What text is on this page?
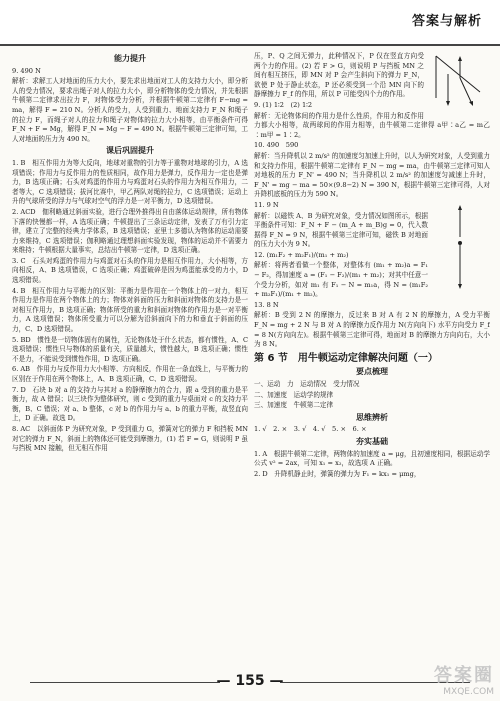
答案与解析
能力提升
9. 490 N
解析：求解工人对地面的压力大小，要先求出地面对工人的支持力大小，即分析人的受力情况，要求出绳子对人的拉力大小，即分析物体的受力情况，并先根据牛顿第二定律求出拉力 F，对物体受力分析，并根据牛顿第二定律有 F−mg = ma，解得 F = 210 N。分析人的受力，人受到重力、地面支持力 F_N 和绳子的拉力 F，而绳子对人的拉力和绳子对物体的拉力大小相等，由平衡条件可得 F_N + F = Mg，解得 F_N = Mg − F = 490 N。根据牛顿第三定律可知，工人对地面的压力为 490 N。
课后巩固提升
1. B　相互作用力为等大反向，地球对重物的引力等于重物对地球的引力，A 选项错误；作用力与反作用力的性质相同，故作用力是弹力，反作用力一定也是弹力，B 选项正确；石头对鸡蛋的作用力与鸡蛋对石头的作用力为相互作用力，二者等大，C 选项错误；拔河比赛中，甲乙两队对绳的拉力，C 选项错误；运动上升的气球所受的浮力与气球对空气的浮力是一对平衡力，D 选项错误。
2. ACD　伽利略通过斜面实验，进行合理外推得出自由落体运动规律，所有物体下落的快慢都一样，A 选项正确；牛顿提出了三条运动定律，发表了万有引力定律，建立了完整的经典力学体系，B 选项错误；亚里士多德认为物体的运动需要力来维持，C 选项错误；伽利略通过理想斜面实验发现，物体的运动并不需要力来维持；牛顿根据大量事实，总结出牛顿第一定律，D 选项正确。
3. C　石头对鸡蛋的作用力与鸡蛋对石头的作用力是相互作用力，大小相等，方向相反，A、B 选项错误，C 选项正确；鸡蛋破碎是因为鸡蛋能承受的力小，D 选项错误。
4. B　相互作用力与平衡力的区别：平衡力是作用在一个物体上的一对力，相互作用力是作用在两个物体上的力；物体对斜面的压力和斜面对物体的支持力是一对相互作用力，B 选项正确；物体所受的重力和斜面对物体的作用力是一对平衡力，A 选项错误；物体所受重力可以分解为沿斜面向下的力和垂直于斜面的压力，C、D 选项错误。
5. BD　惯性是一切物体固有的属性，无论物体处于什么状态，都有惯性，A、C 选项错误；惯性只与物体的质量有关，质量越大，惯性越大，B 选项正确；惯性不是力，不能说受到惯性作用，D 选项正确。
6. AB　作用力与反作用力大小相等、方向相反，作用在一条直线上，与平衡力的区别在于作用在两个物体上，A、B 选项正确，C、D 选项错误。
7. D　石块 b 对 a 的支持力与其对 a 的静摩擦力的合力，跟 a 受到的重力是平衡力，故 A 错误；以三块作为整体研究，则 c 受到的重力与桌面对 c 的支持力平衡，B、C 错误；对 a、b 整体，c 对 b 的作用力与 a、b 的重力平衡，故竖直向上，D 正确。故选 D。
8. AC　以斜面体 P 为研究对象，P 受到重力 G，弹簧对它的弹力 F 和挡板 MN 对它的弹力 F_N，斜面上的物体还可能受到摩擦力，(1) 若 F = G，则说明 P 虽与挡板 MN 接触，但无相互作用
压，P、Q 之间无弹力，此种情况下，P 仅在竖直方向受两个力的作用。(2) 若 F > G，则说明 P 与挡板 MN 之间有相互挤压，即 MN 对 P 会产生斜向下的弹力 F_N，欲使 P 处于静止状态，P 还必须受到一个沿 MN 向下的静摩擦力 F_f 的作用，所以 P 可能受四个力的作用。
9. (1) 1∶2　(2) 1∶2
解析：无论物体间的作用力是什么性质，作用力和反作用力都大小相等，故两球间的作用力相等，由牛顿第二定律得 a甲∶a乙 = m乙∶m甲 = 1∶2。
10. 490　590
解析：当升降机以 2 m/s² 的加速度匀加速上升时，以人为研究对象，人受到重力和支持力作用，根据牛顿第二定律有 F_N − mg = ma，由牛顿第三定律可知人对地板的压力 F_N' = 490 N；当升降机以 2 m/s² 的加速度匀减速上升时，F_N' = mg − ma = 50×(9.8−2) N = 390 N，根据牛顿第三定律可得，人对升降机底板的压力为 590 N。
11. 9 N
解析：以磁铁 A、B 为研究对象，受力情况如图所示，根据平衡条件可知：F_N + F − (m_A + m_B)g = 0，代入数据得 F_N = 9 N，根据牛顿第三定律可知，磁铁 B 对地面的压力大小为 9 N。
12. (m₁F₂ + m₂F₁)/(m₁ + m₂)
解析：将两者看做一个整体，对整体有 (m₁ + m₂)a = F₁ − F₂，得加速度 a = (F₁ − F₂)/(m₁ + m₂)；对其中任意一个受力分析，如对 m₁ 有 F₁ − N = m₁a，得 N = (m₁F₂ + m₂F₁)/(m₁ + m₂)。
13. 8 N
解析：B 受到 2 N 的摩擦力，反过来 B 对 A 有 2 N 的摩擦力，A 受力平衡 F_N = mg + 2 N 与 B 对 A 的摩擦力反作用力 N(方向向下) 水平方向受力 F_f = 8 N(方向向左)。根据牛顿第三定律可得，地面对 B 的摩擦力方向向右，大小为 8 N。
第 6 节　用牛顿运动定律解决问题（一）
要点梳理
一、运动　力　运动情况　受力情况
二、加速度　运动学的规律
三、加速度　牛顿第二定律
思维辨析
1. √　2. ×　3. √　4. √　5. ×　6. ×
夯实基础
1. A　根据牛顿第二定律，两物体的加速度 a = μg，且初速度相同，根据运动学公式 v² = 2ax，可知 x₁ = x₂，故选项 A 正确。
2. D　升降机静止时，弹簧的弹力为 F₁ = kx₁ = μmg，
— 155 —	答案圈
MXQE.COM
